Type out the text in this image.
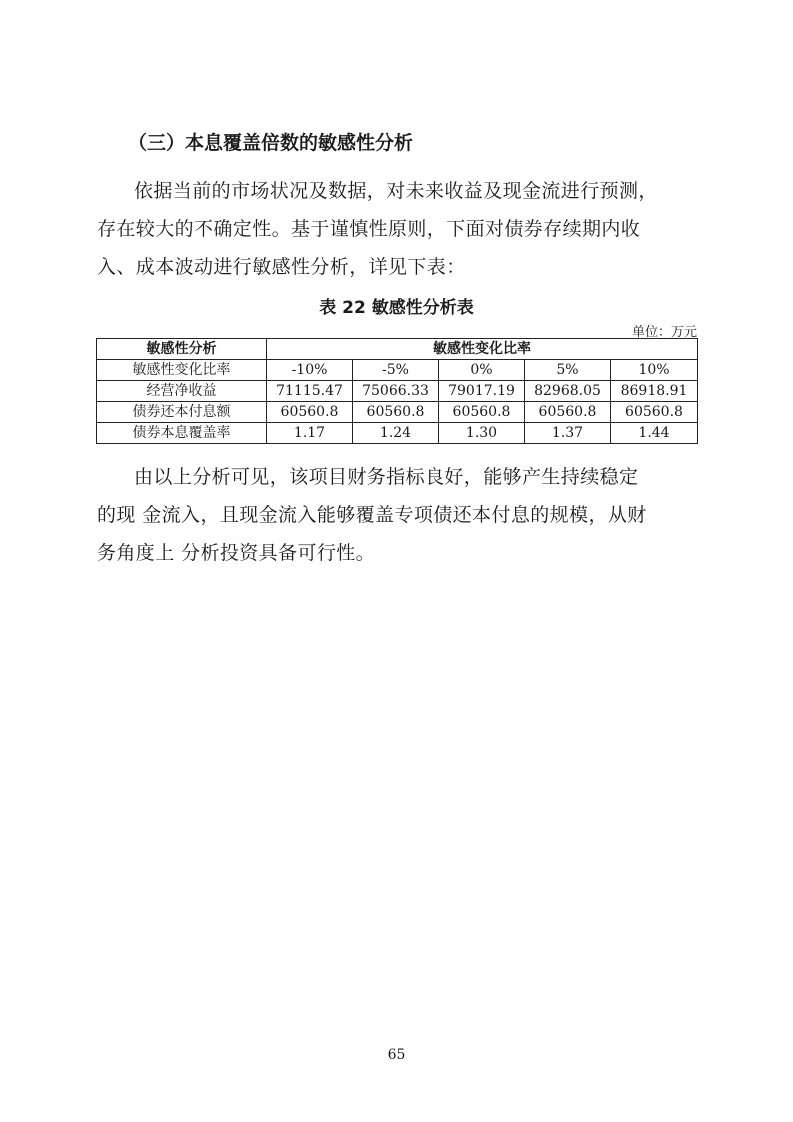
（三）本息覆盖倍数的敏感性分析
依据当前的市场状况及数据，对未来收益及现金流进行预测，
存在较大的不确定性。基于谨慎性原则，下面对债券存续期内收
入、成本波动进行敏感性分析，详见下表：
表 22 敏感性分析表
单位：万元
敏感性分析	敏感性变化比率				
敏感性变化比率	-10%	-5%	0%	5%	10%
经营净收益	71115.47	75066.33	79017.19	82968.05	86918.91
债券还本付息额	60560.8	60560.8	60560.8	60560.8	60560.8
债券本息覆盖率	1.17	1.24	1.30	1.37	1.44
由以上分析可见，该项目财务指标良好，能够产生持续稳定
的现 金流入，且现金流入能够覆盖专项债还本付息的规模，从财
务角度上 分析投资具备可行性。
65
